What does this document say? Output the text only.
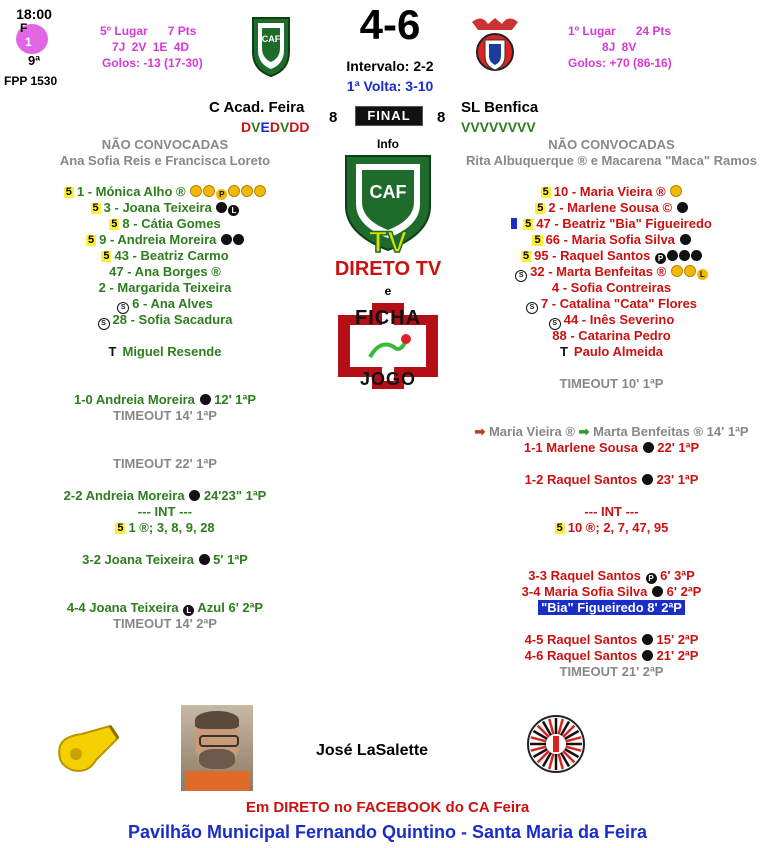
18:00
F
1
9ª
FPP 1530
5º Lugar      7 Pts
7J 2V 1E 4D
Golos: -13 (17-30)
CAF	4-6
Intervalo: 2-2
1ª Volta: 3-10
1º Lugar      24 Pts
8J 8V
Golos: +70 (86-16)
C Acad. Feira
DVEDVDD
8	FINAL	8
SL Benfica
VVVVVVVV
Info
CAF
TV
DIRETO TV
e
FICHA
JOGO
NÃO CONVOCADAS
Ana Sofia Reis e Francisca Loreto
5 1 - Mónica Alho ®	P
5 3 - Joana Teixeira L
5 8 - Cátia Gomes
5 9 - Andreia Moreira
5 43 - Beatriz Carmo
47 - Ana Borges ®
2 - Margarida Teixeira
S 6 - Ana Alves
S 28 - Sofia Sacadura
T Miguel Resende
1-0 Andreia Moreira 12' 1ªP
TIMEOUT 14' 1ªP
TIMEOUT 22' 1ªP
2-2 Andreia Moreira 24'23" 1ªP
--- INT ---
5 1 ®; 3, 8, 9, 28
3-2 Joana Teixeira 5' 1ªP
4-4 Joana Teixeira L Azul 6' 2ªP
TIMEOUT 14' 2ªP
NÃO CONVOCADAS
Rita Albuquerque ® e Macarena "Maca" Ramos
5 10 - Maria Vieira ®
5 2 - Marlene Sousa ©
5 47 - Beatriz "Bia" Figueiredo
5 66 - Maria Sofia Silva
5 95 - Raquel Santos P
S 32 - Marta Benfeitas ®	L
4 - Sofia Contreiras
S 7 - Catalina "Cata" Flores
S 44 - Inês Severino
88 - Catarina Pedro
T Paulo Almeida
TIMEOUT 10' 1ªP
➡ Maria Vieira ® ➡ Marta Benfeitas ® 14' 1ªP
1-1 Marlene Sousa 22' 1ªP
1-2 Raquel Santos 23' 1ªP
--- INT ---
5 10 ®; 2, 7, 47, 95
3-3 Raquel Santos P 6' 3ªP
3-4 Maria Sofia Silva 6' 2ªP
"Bia" Figueiredo 8' 2ªP
4-5 Raquel Santos 15' 2ªP
4-6 Raquel Santos 21' 2ªP
TIMEOUT 21' 2ªP
José LaSalette
Em DIRETO no FACEBOOK do CA Feira
Pavilhão Municipal Fernando Quintino - Santa Maria da Feira
